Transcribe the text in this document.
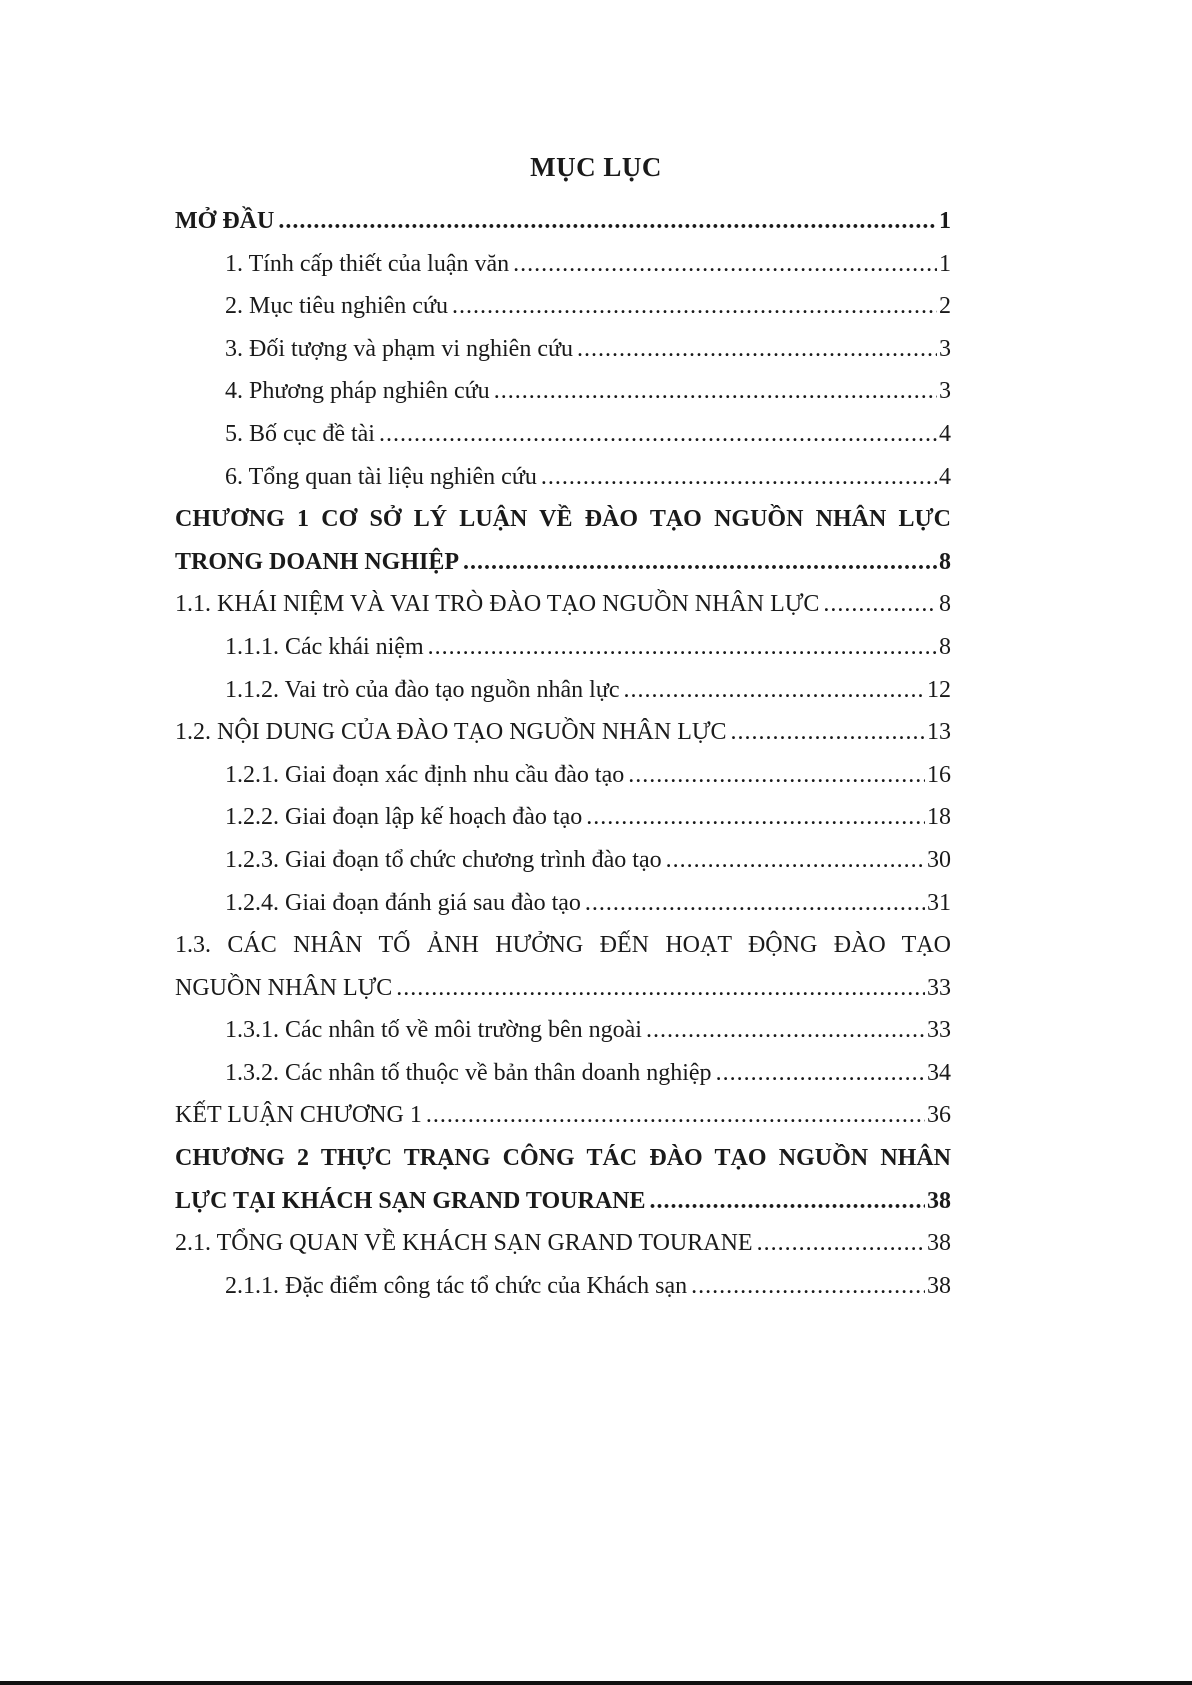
MỤC LỤC
MỞ ĐẦU .....	1
1. Tính cấp thiết của luận văn .....	1
2. Mục tiêu nghiên cứu .....	2
3. Đối tượng và phạm vi nghiên cứu .....	3
4. Phương pháp nghiên cứu .....	3
5. Bố cục đề tài .....	4
6. Tổng quan tài liệu nghiên cứu .....	4
CHƯƠNG 1 CƠ SỞ LÝ LUẬN VỀ ĐÀO TẠO NGUỒN NHÂN LỰC
TRONG DOANH NGHIỆP .....	8
1.1. KHÁI NIỆM VÀ VAI TRÒ ĐÀO TẠO NGUỒN NHÂN LỰC .....	8
1.1.1. Các khái niệm .....	8
1.1.2. Vai trò của đào tạo nguồn nhân lực .....	12
1.2. NỘI DUNG CỦA ĐÀO TẠO NGUỒN NHÂN LỰC .....	13
1.2.1. Giai đoạn xác định nhu cầu đào tạo .....	16
1.2.2. Giai đoạn lập kế hoạch đào tạo .....	18
1.2.3. Giai đoạn tổ chức chương trình đào tạo .....	30
1.2.4. Giai đoạn đánh giá sau đào tạo .....	31
1.3. CÁC NHÂN TỐ ẢNH HƯỞNG ĐẾN HOẠT ĐỘNG ĐÀO TẠO
NGUỒN NHÂN LỰC .....	33
1.3.1. Các nhân tố về môi trường bên ngoài .....	33
1.3.2. Các nhân tố thuộc về bản thân doanh nghiệp .....	34
KẾT LUẬN CHƯƠNG 1 .....	36
CHƯƠNG 2 THỰC TRẠNG CÔNG TÁC ĐÀO TẠO NGUỒN NHÂN
LỰC TẠI KHÁCH SẠN GRAND TOURANE .....	38
2.1. TỔNG QUAN VỀ KHÁCH SẠN GRAND TOURANE .....	38
2.1.1. Đặc điểm công tác tổ chức của Khách sạn .....	38
